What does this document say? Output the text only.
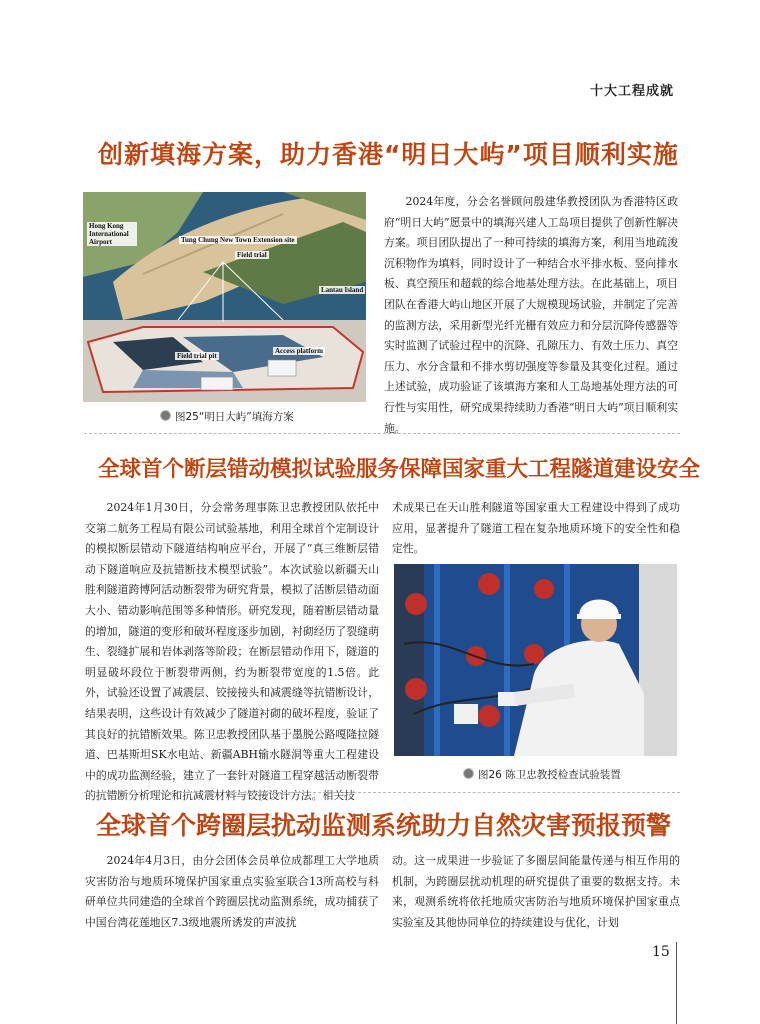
十大工程成就
创新填海方案，助力香港“明日大屿”项目顺利实施
Hong Kong International Airport	Tung Chung New Town Extension site
Field trial
Lantau Island
Field trial pit
Access platform
图25“明日大屿”填海方案

2024年度，分会名誉顾问殷建华教授团队为香港特区政府“明日大屿”愿景中的填海兴建人工岛项目提供了创新性解决方案。项目团队提出了一种可持续的填海方案，利用当地疏浚沉积物作为填料，同时设计了一种结合水平排水板、竖向排水板、真空预压和超载的综合地基处理方法。在此基础上，项目团队在香港大屿山地区开展了大规模现场试验，并制定了完善的监测方法，采用新型光纤光栅有效应力和分层沉降传感器等实时监测了试验过程中的沉降、孔隙压力、有效土压力、真空压力、水分含量和不排水剪切强度等参量及其变化过程。通过上述试验，成功验证了该填海方案和人工岛地基处理方法的可行性与实用性，研究成果持续助力香港“明日大屿”项目顺利实施。

全球首个断层错动模拟试验服务保障国家重大工程隧道建设安全

2024年1月30日，分会常务理事陈卫忠教授团队依托中交第二航务工程局有限公司试验基地，利用全球首个定制设计的模拟断层错动下隧道结构响应平台，开展了“真三维断层错动下隧道响应及抗错断技术模型试验”。本次试验以新疆天山胜利隧道跨博阿活动断裂带为研究背景，模拟了活断层错动面大小、错动影响范围等多种情形。研究发现，随着断层错动量的增加，隧道的变形和破坏程度逐步加剧，衬砌经历了裂缝萌生、裂缝扩展和岩体剥落等阶段；在断层错动作用下，隧道的明显破坏段位于断裂带两侧，约为断裂带宽度的1.5倍。此外，试验还设置了减震层、铰接接头和减震缝等抗错断设计，结果表明，这些设计有效减少了隧道衬砌的破坏程度，验证了其良好的抗错断效果。陈卫忠教授团队基于墨脱公路嘎隆拉隧道、巴基斯坦SK水电站、新疆ABH输水隧洞等重大工程建设中的成功监测经验，建立了一套针对隧道工程穿越活动断裂带的抗错断分析理论和抗减震材料与铰接设计方法。相关技

术成果已在天山胜利隧道等国家重大工程建设中得到了成功应用，显著提升了隧道工程在复杂地质环境下的安全性和稳定性。

图26 陈卫忠教授检查试验装置
全球首个跨圈层扰动监测系统助力自然灾害预报预警

2024年4月3日，由分会团体会员单位成都理工大学地质灾害防治与地质环境保护国家重点实验室联合13所高校与科研单位共同建造的全球首个跨圈层扰动监测系统，成功捕获了中国台湾花莲地区7.3级地震所诱发的声波扰

动。这一成果进一步验证了多圈层间能量传递与相互作用的机制，为跨圈层扰动机理的研究提供了重要的数据支持。未来，观测系统将依托地质灾害防治与地质环境保护国家重点实验室及其他协同单位的持续建设与优化，计划

15
